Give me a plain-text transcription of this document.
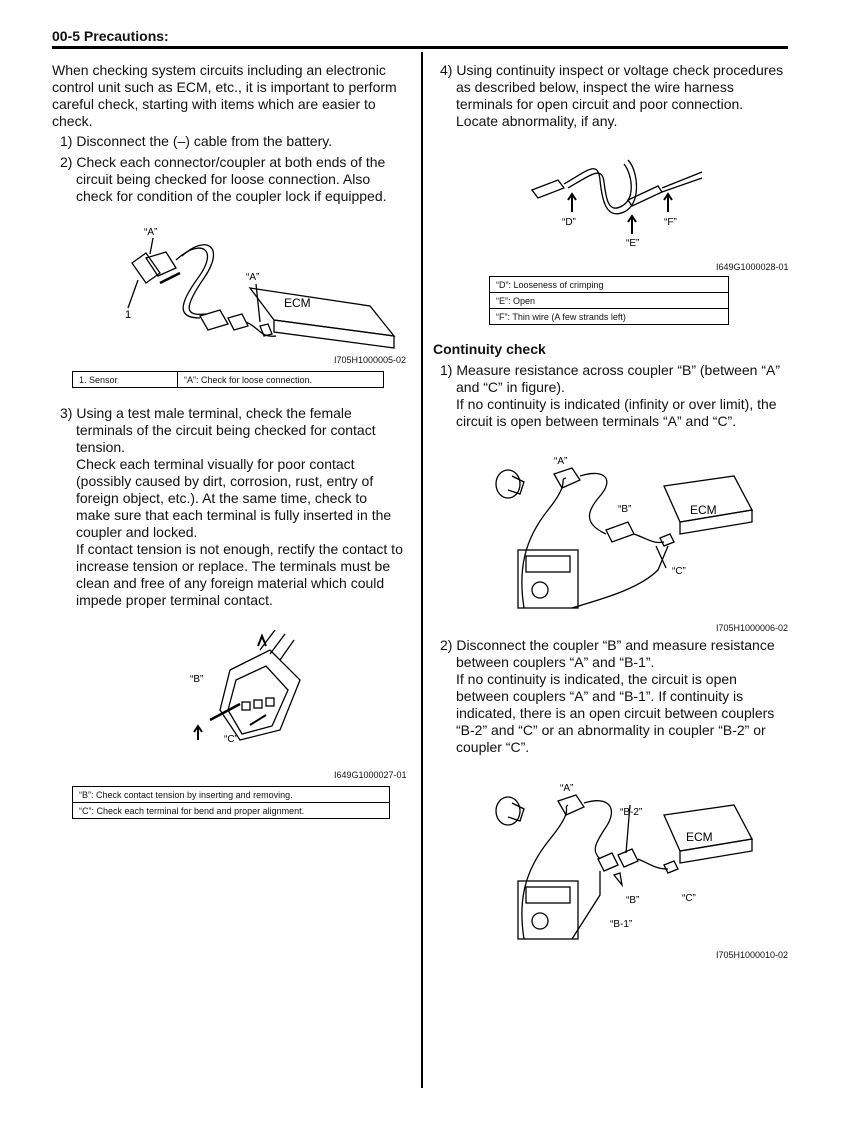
00-5 Precautions:
When checking system circuits including an electronic
control unit such as ECM, etc., it is important to perform
careful check, starting with items which are easier to
check.
1) Disconnect the (–) cable from the battery.
2) Check each connector/coupler at both ends of the
circuit being checked for loose connection. Also
check for condition of the coupler lock if equipped.
“A”
“A”
ECM
1
I705H1000005-02
1. Sensor	“A”: Check for loose connection.
3) Using a test male terminal, check the female
terminals of the circuit being checked for contact
tension.
Check each terminal visually for poor contact
(possibly caused by dirt, corrosion, rust, entry of
foreign object, etc.). At the same time, check to
make sure that each terminal is fully inserted in the
coupler and locked.
If contact tension is not enough, rectify the contact to
increase tension or replace. The terminals must be
clean and free of any foreign material which could
impede proper terminal contact.
“B”
“C”
I649G1000027-01
“B”: Check contact tension by inserting and removing.
“C”: Check each terminal for bend and proper alignment.
4) Using continuity inspect or voltage check procedures
as described below, inspect the wire harness
terminals for open circuit and poor connection.
Locate abnormality, if any.
“D”
“E”
“F”
I649G1000028-01
“D”: Looseness of crimping
“E”: Open
“F”: Thin wire (A few strands left)
Continuity check
1) Measure resistance across coupler “B” (between “A”
and “C” in figure).
If no continuity is indicated (infinity or over limit), the
circuit is open between terminals “A” and “C”.
“A”
“B”
“C”
ECM
I705H1000006-02
2) Disconnect the coupler “B” and measure resistance
between couplers “A” and “B-1”.
If no continuity is indicated, the circuit is open
between couplers “A” and “B-1”. If continuity is
indicated, there is an open circuit between couplers
“B-2” and “C” or an abnormality in coupler “B-2” or
coupler “C”.
“A”
“B-2”
“B”
“B-1”
“C”
ECM
I705H1000010-02
